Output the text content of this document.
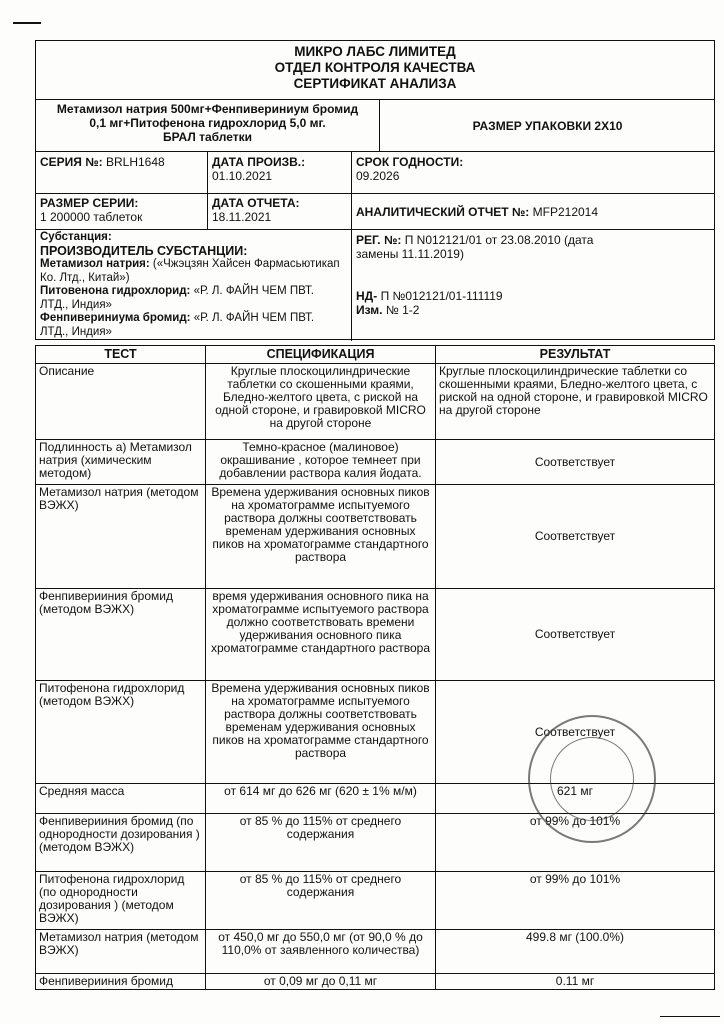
МИКРО ЛАБС ЛИМИТЕД
ОТДЕЛ КОНТРОЛЯ КАЧЕСТВА
СЕРТИФИКАТ АНАЛИЗА
Метамизол натрия 500мг+Фенпивериниум бромид
0,1 мг+Питофенона гидрохлорид 5,0 мг.
БРАЛ таблетки
РАЗМЕР УПАКОВКИ 2X10
СЕРИЯ №: BRLH1648	ДАТА ПРОИЗВ.:
01.10.2021
СРОК ГОДНОСТИ:
09.2026
РАЗМЕР СЕРИИ:
1 200000 таблеток
ДАТА ОТЧЕТА:
18.11.2021	АНАЛИТИЧЕСКИЙ ОТЧЕТ №: MFP212014
Субстанция:
ПРОИЗВОДИТЕЛЬ СУБСТАНЦИИ:
Метамизол натрия: («Чжэцзян Хайсен Фармасьютикап
Ко. Лтд., Китай»)
Питовенона гидрохлорид: «Р. Л. ФАЙН ЧЕМ ПВТ.
ЛТД., Индия»
Фенпивериниума бромид: «Р. Л. ФАЙН ЧЕМ ПВТ.
ЛТД., Индия»
РЕГ. №: П N012121/01 от 23.08.2010 (дата
замены 11.11.2019)
НД- П №012121/01-111119
Изм. № 1-2
ТЕСТ	СПЕЦИФИКАЦИЯ	РЕЗУЛЬТАТ
Описание	Круглые плоскоцилиндрические таблетки со скошенными краями, Бледно-желтого цвета, с риской на одной стороне, и гравировкой MICRO на другой стороне	Круглые плоскоцилиндрические таблетки со скошенными краями, Бледно-желтого цвета, с риской на одной стороне, и гравировкой MICRO на другой стороне
Подлинность а) Метамизол натрия (химическим методом)	Темно-красное (малиновое) окрашивание , которое темнеет при добавлении раствора калия йодата.	Соответствует
Метамизол натрия (методом ВЭЖХ)	Времена удерживания основных пиков на хроматограмме испытуемого раствора должны соответствовать временам удерживания основных пиков на хроматограмме стандартного раствора	Соответствует
Фенпиверииния бромид (методом ВЭЖХ)	время удерживания основного пика на хроматограмме испытуемого раствора должно соответствовать времени удерживания основного пика хроматограмме стандартного раствора	Соответствует
Питофенона гидрохлорид (методом ВЭЖХ)	Времена удерживания основных пиков на хроматограмме испытуемого раствора должны соответствовать временам удерживания основных пиков на хроматограмме стандартного раствора	Соответствует
Средняя масса	от 614 мг до 626 мг (620 ± 1% м/м)	621 мг
Фенпиверииния бромид (по однородности дозирования ) (методом ВЭЖХ)	от 85 % до 115% от среднего содержания	от 99% до 101%
Питофенона гидрохлорид (по однородности дозирования ) (методом ВЭЖХ)	от 85 % до 115% от среднего содержания	от 99% до 101%
Метамизол натрия (методом ВЭЖХ)	от 450,0 мг до 550,0 мг (от 90,0 % до 110,0% от заявленного количества)	499.8 мг (100.0%)
Фенпиверииния бромид	от 0,09 мг до 0,11 мг	0.11 мг
